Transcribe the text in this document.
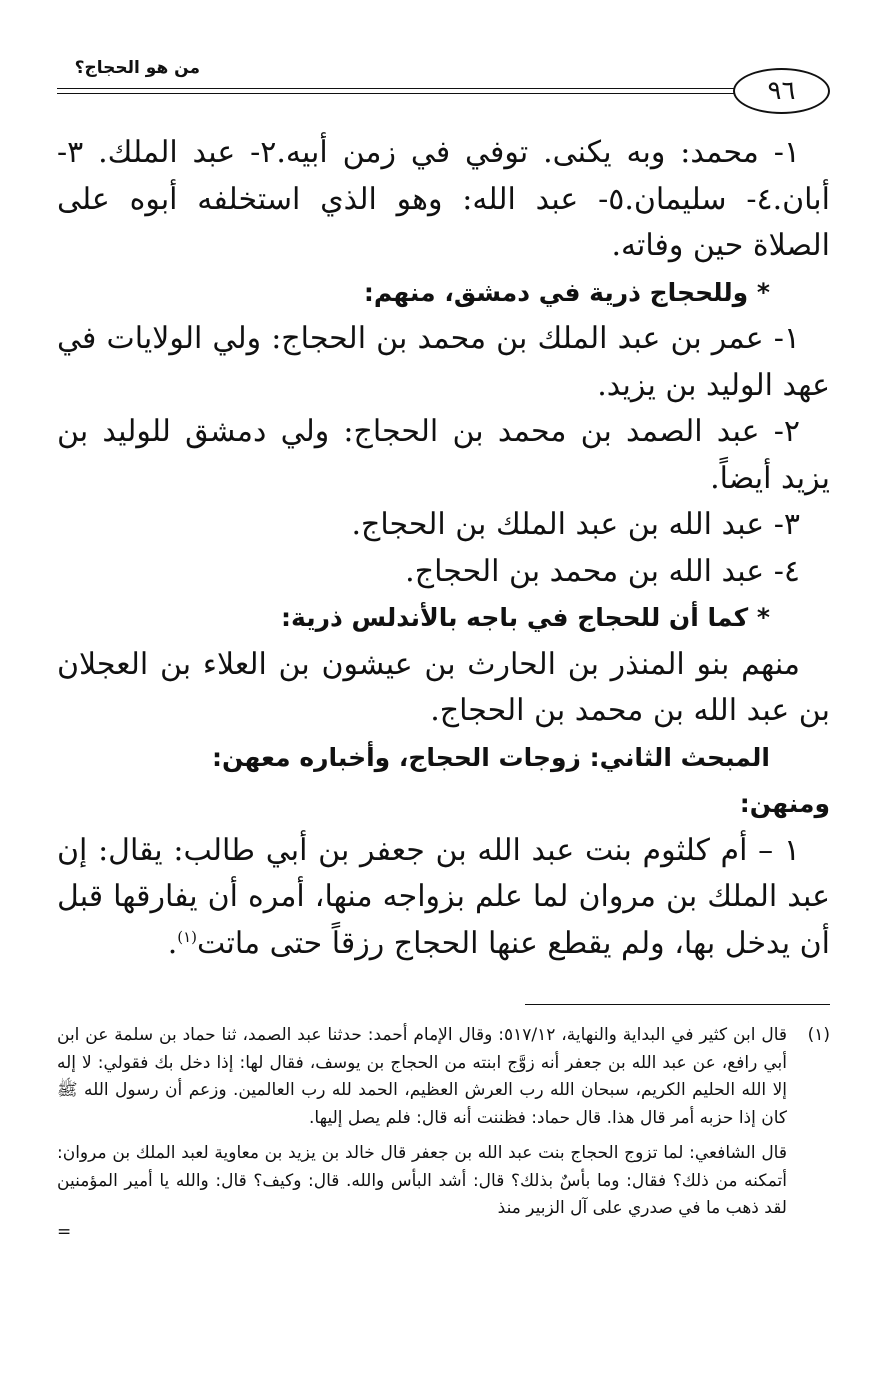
من هو الحجاج؟
٩٦

١- محمد: وبه يكنى. توفي في زمن أبيه.٢- عبد الملك. ٣- أبان.٤- سليمان.٥- عبد الله: وهو الذي استخلفه أبوه على الصلاة حين وفاته.

* وللحجاج ذرية في دمشق، منهم:

١- عمر بن عبد الملك بن محمد بن الحجاج: ولي الولايات في عهد الوليد بن يزيد.

٢- عبد الصمد بن محمد بن الحجاج: ولي دمشق للوليد بن يزيد أيضاً.

٣- عبد الله بن عبد الملك بن الحجاج.

٤- عبد الله بن محمد بن الحجاج.

* كما أن للحجاج في باجه بالأندلس ذرية:

منهم بنو المنذر بن الحارث بن عيشون بن العلاء بن العجلان بن عبد الله بن محمد بن الحجاج.

المبحث الثاني: زوجات الحجاج، وأخباره معهن:

ومنهن:

١ – أم كلثوم بنت عبد الله بن جعفر بن أبي طالب: يقال: إن عبد الملك بن مروان لما علم بزواجه منها، أمره أن يفارقها قبل أن يدخل بها، ولم يقطع عنها الحجاج رزقاً حتى ماتت$^{(١)}$.

(١)

قال ابن كثير في البداية والنهاية، ٥١٧/١٢: وقال الإمام أحمد: حدثنا عبد الصمد، ثنا حماد بن سلمة عن ابن أبي رافع، عن عبد الله بن جعفر أنه زوَّج ابنته من الحجاج بن يوسف، فقال لها: إذا دخل بك فقولي: لا إله إلا الله الحليم الكريم، سبحان الله رب العرش العظيم، الحمد لله رب العالمين. وزعم أن رسول الله ﷺ كان إذا حزبه أمر قال هذا. قال حماد: فظننت أنه قال: فلم يصل إليها.

قال الشافعي: لما تزوج الحجاج بنت عبد الله بن جعفر قال خالد بن يزيد بن معاوية لعبد الملك بن مروان: أتمكنه من ذلك؟ فقال: وما بأسٌ بذلك؟ قال: أشد البأس والله. قال: وكيف؟ قال: والله يا أمير المؤمنين لقد ذهب ما في صدري على آل الزبير منذ

=
